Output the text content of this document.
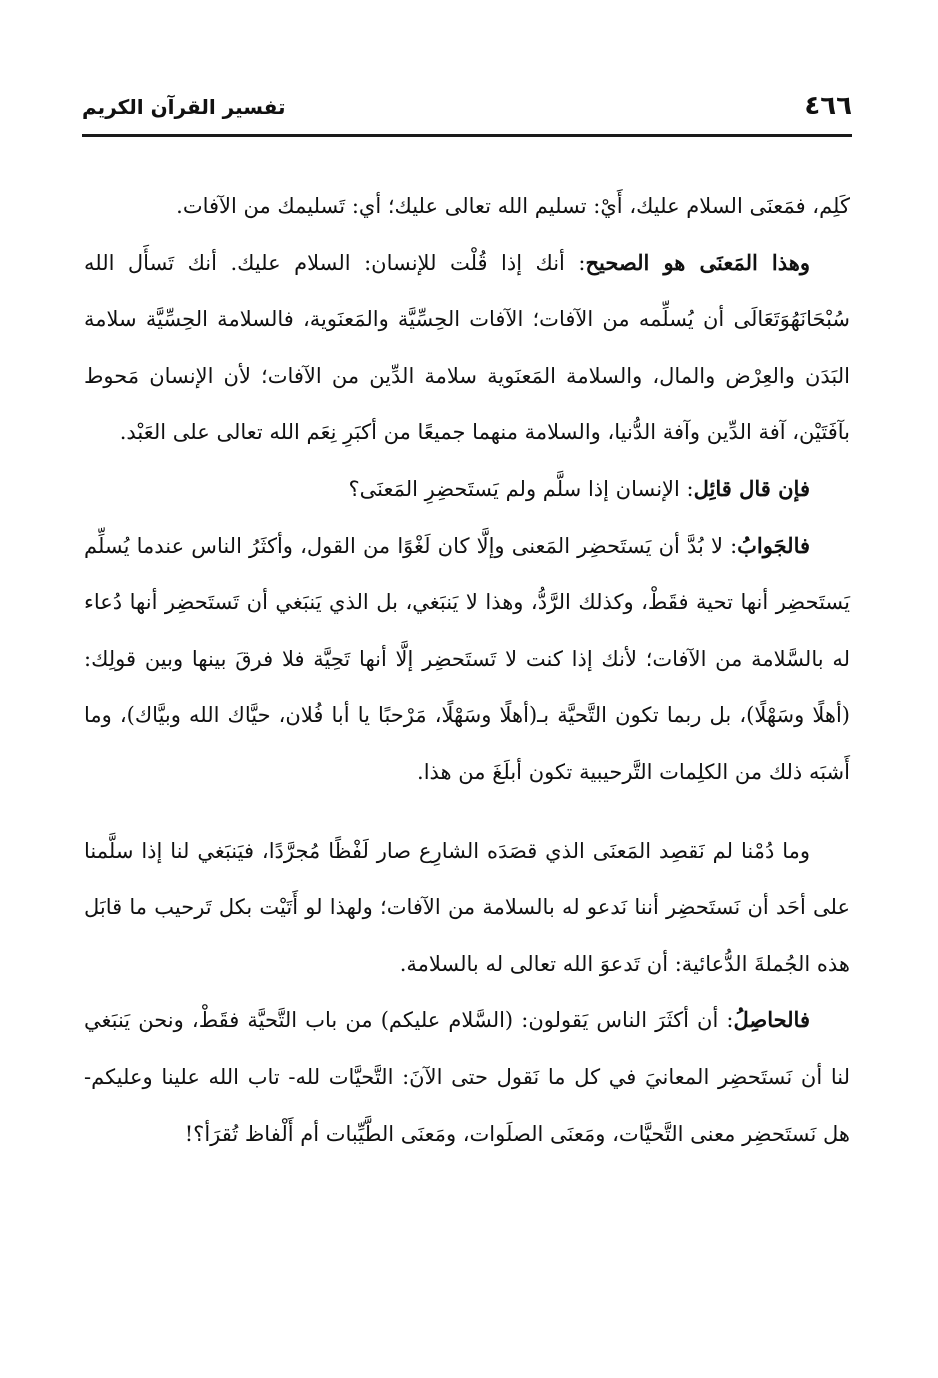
٤٦٦
تفسير القرآن الكريم

كَلِم، فمَعنَى السلام عليك، أَيْ: تسليم الله تعالى عليك؛ أي: تَسليمك من الآفات.

وهذا المَعنَى هو الصحيح: أنك إذا قُلْت للإنسان: السلام عليك. أنك تَسأَل الله سُبْحَانَهُوَتَعَالَى أن يُسلِّمه من الآفات؛ الآفات الحِسِّيَّة والمَعنَوية، فالسلامة الحِسِّيَّة سلامة البَدَن والعِرْض والمال، والسلامة المَعنَوية سلامة الدِّين من الآفات؛ لأن الإنسان مَحوط بآفَتَيْن، آفة الدِّين وآفة الدُّنيا، والسلامة منهما جميعًا من أكبَرِ نِعَم الله تعالى على العَبْد.

فإن قال قائِل: الإنسان إذا سلَّم ولم يَستَحضِرِ المَعنَى؟

فالجَوابُ: لا بُدَّ أن يَستَحضِر المَعنى وإلَّا كان لَغْوًا من القول، وأكثَرُ الناس عندما يُسلِّم يَستَحضِر أنها تحية فقَطْ، وكذلك الرَّدُّ، وهذا لا يَنبَغي، بل الذي يَنبَغي أن تَستَحضِر أنها دُعاء له بالسَّلامة من الآفات؛ لأنك إذا كنت لا تَستَحضِر إلَّا أنها تَحِيَّة فلا فرقَ بينها وبين قولِك: (أهلًا وسَهْلًا)، بل ربما تكون التَّحيَّة بـ(أهلًا وسَهْلًا، مَرْحبًا يا أبا فُلان، حيَّاك الله وبيَّاك)، وما أَشبَه ذلك من الكلِمات التَّرحيبية تكون أبلَغَ من هذا.

وما دُمْنا لم نَقصِد المَعنَى الذي قصَدَه الشارِع صار لَفْظًا مُجرَّدًا، فيَنبَغي لنا إذا سلَّمنا على أحَد أن نَستَحضِر أننا نَدعو له بالسلامة من الآفات؛ ولهذا لو أَتَيْت بكل تَرحيب ما قابَل هذه الجُملةَ الدُّعائية: أن تَدعوَ الله تعالى له بالسلامة.

فالحاصِلُ: أن أكثَرَ الناس يَقولون: (السَّلام عليكم) من باب التَّحيَّة فقَطْ، ونحن يَنبَغي لنا أن نَستَحضِر المعانيَ في كل ما نَقول حتى الآنَ: التَّحيَّات لله- تاب الله علينا وعليكم- هل نَستَحضِر معنى التَّحيَّات، ومَعنَى الصلَوات، ومَعنَى الطَّيِّبات أم أَلْفاظ تُقرَأ؟!
